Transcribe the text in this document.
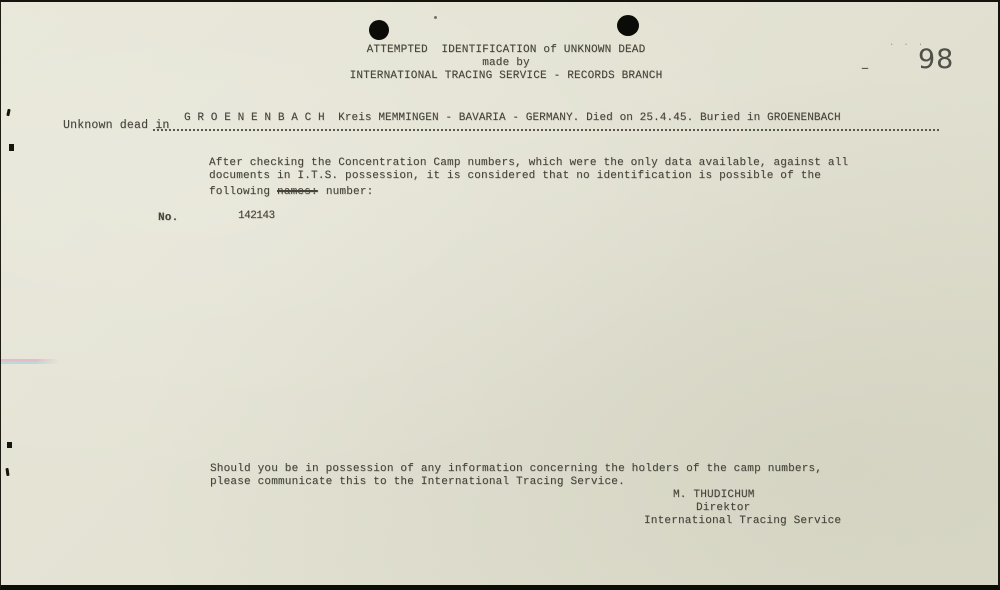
ATTEMPTED  IDENTIFICATION of UNKNOWN DEAD
made by
INTERNATIONAL TRACING SERVICE - RECORDS BRANCH
···
– 98
Unknown dead in
G R O E N E N B A C H  Kreis MEMMINGEN - BAVARIA - GERMANY. Died on 25.4.45. Buried in GROENENBACH
After checking the Concentration Camp numbers, which were the only data available, against all
documents in I.T.S. possession, it is considered that no identification is possible of the
following names: number:
No.	142143
Should you be in possession of any information concerning the holders of the camp numbers,
please communicate this to the International Tracing Service.
M. THUDICHUM
Direktor
International Tracing Service
